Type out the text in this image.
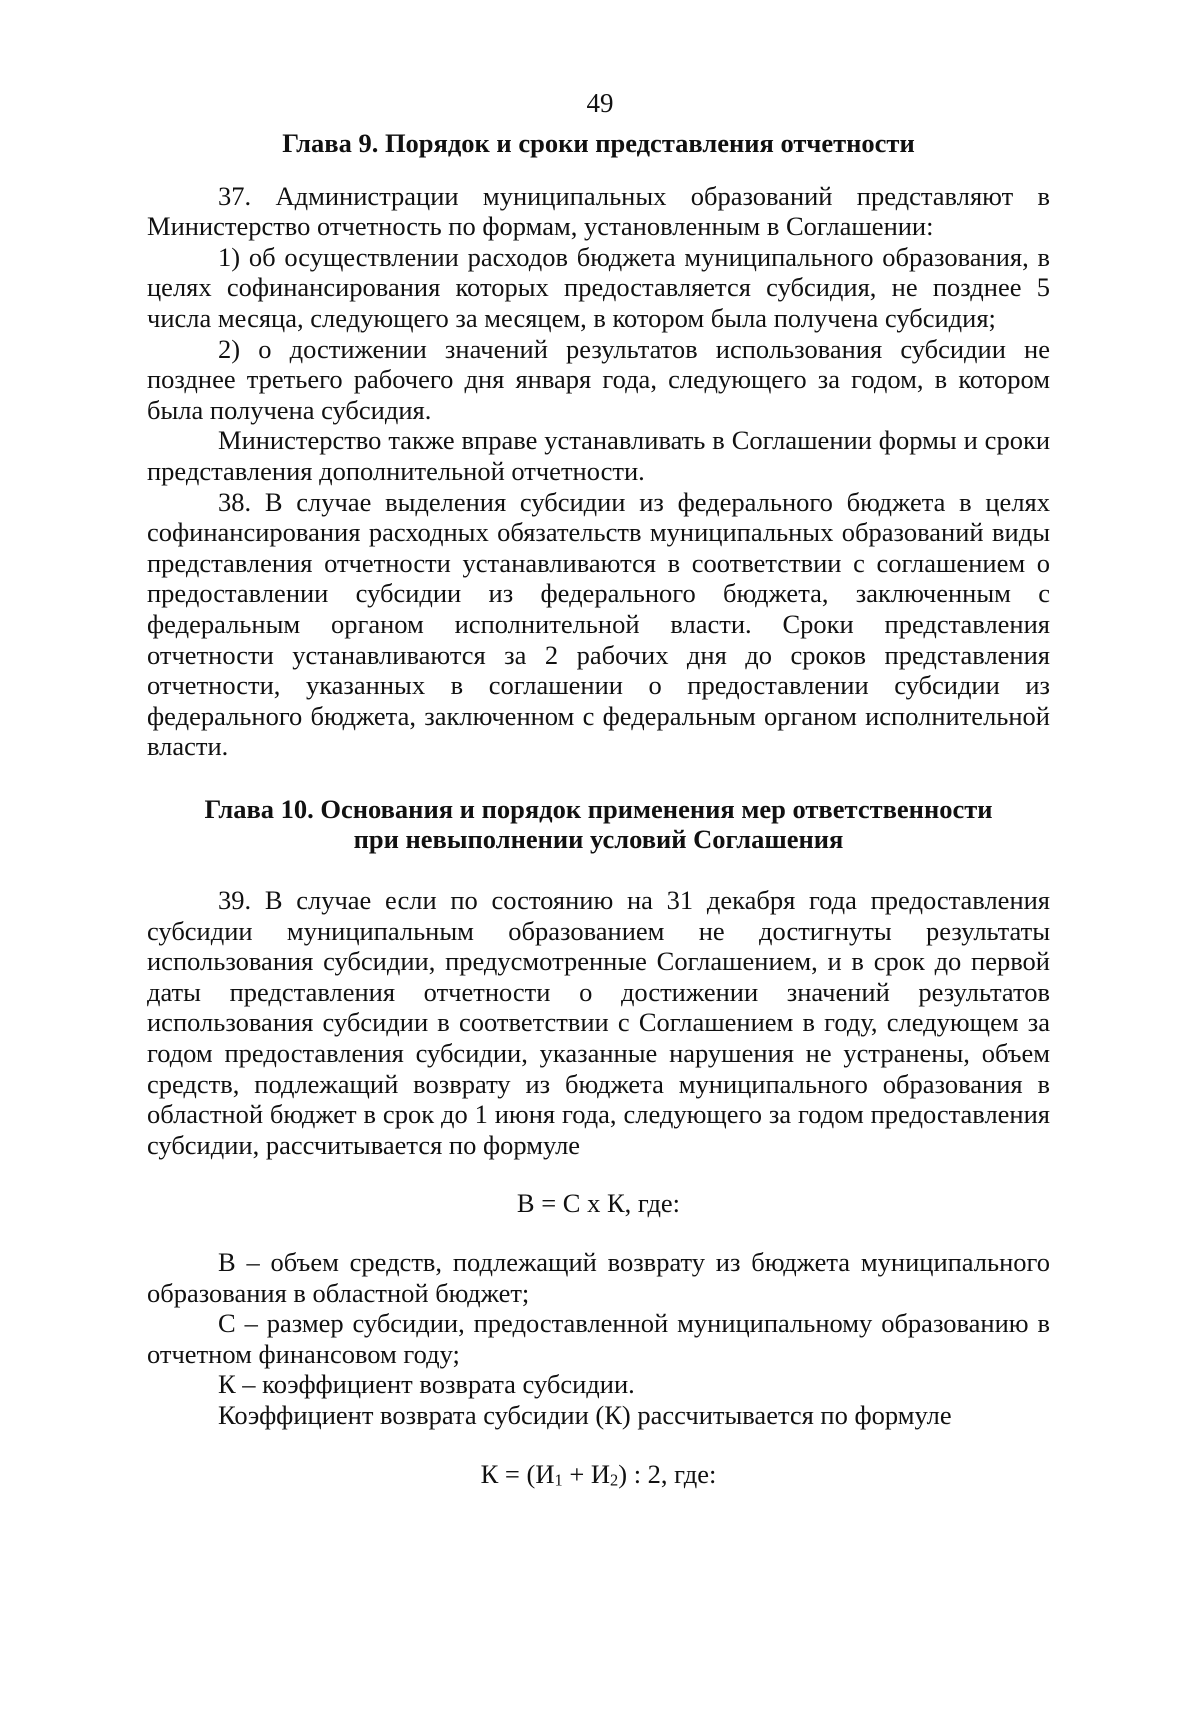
49
Глава 9. Порядок и сроки представления отчетности

37. Администрации муниципальных образований представляют в Министерство отчетность по формам, установленным в Соглашении:

1) об осуществлении расходов бюджета муниципального образования, в целях софинансирования которых предоставляется субсидия, не позднее 5 числа месяца, следующего за месяцем, в котором была получена субсидия;

2) о достижении значений результатов использования субсидии не позднее третьего рабочего дня января года, следующего за годом, в котором была получена субсидия.

Министерство также вправе устанавливать в Соглашении формы и сроки представления дополнительной отчетности.

38. В случае выделения субсидии из федерального бюджета в целях софинансирования расходных обязательств муниципальных образований виды представления отчетности устанавливаются в соответствии с соглашением о предоставлении субсидии из федерального бюджета, заключенным с федеральным органом исполнительной власти. Сроки представления отчетности устанавливаются за 2 рабочих дня до сроков представления отчетности, указанных в соглашении о предоставлении субсидии из федерального бюджета, заключенном с федеральным органом исполнительной власти.

Глава 10. Основания и порядок применения мер ответственности
при невыполнении условий Соглашения

39. В случае если по состоянию на 31 декабря года предоставления субсидии муниципальным образованием не достигнуты результаты использования субсидии, предусмотренные Соглашением, и в срок до первой даты представления отчетности о достижении значений результатов использования субсидии в соответствии с Соглашением в году, следующем за годом предоставления субсидии, указанные нарушения не устранены, объем средств, подлежащий возврату из бюджета муниципального образования в областной бюджет в срок до 1 июня года, следующего за годом предоставления субсидии, рассчитывается по формуле

В = С х К, где:

В – объем средств, подлежащий возврату из бюджета муниципального образования в областной бюджет;

С – размер субсидии, предоставленной муниципальному образованию в отчетном финансовом году;

К – коэффициент возврата субсидии.

Коэффициент возврата субсидии (К) рассчитывается по формуле

$К = (И_1 + И_2)$ : 2, где:
